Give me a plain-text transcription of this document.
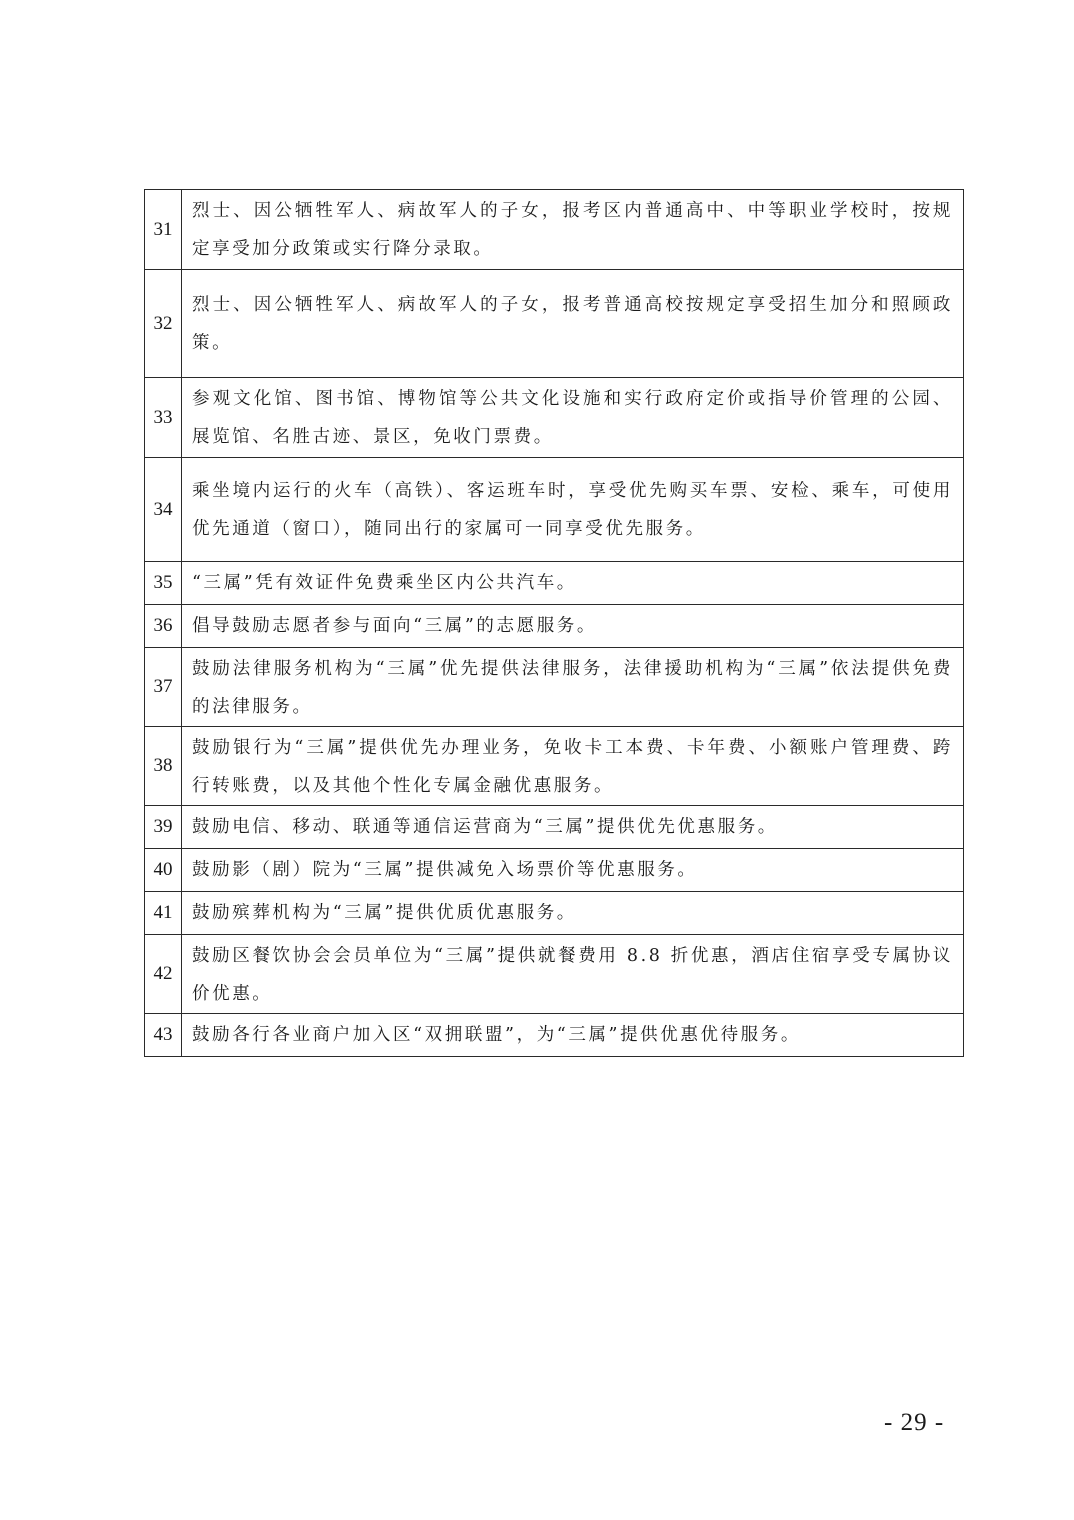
31	烈士、因公牺牲军人、病故军人的子女，报考区内普通高中、中等职业学校时，按规定享受加分政策或实行降分录取。
32	烈士、因公牺牲军人、病故军人的子女，报考普通高校按规定享受招生加分和照顾政策。
33	参观文化馆、图书馆、博物馆等公共文化设施和实行政府定价或指导价管理的公园、展览馆、名胜古迹、景区，免收门票费。
34	乘坐境内运行的火车（高铁）、客运班车时，享受优先购买车票、安检、乘车，可使用优先通道（窗口），随同出行的家属可一同享受优先服务。
35	“三属”凭有效证件免费乘坐区内公共汽车。
36	倡导鼓励志愿者参与面向“三属”的志愿服务。
37	鼓励法律服务机构为“三属”优先提供法律服务，法律援助机构为“三属”依法提供免费的法律服务。
38	鼓励银行为“三属”提供优先办理业务，免收卡工本费、卡年费、小额账户管理费、跨行转账费，以及其他个性化专属金融优惠服务。
39	鼓励电信、移动、联通等通信运营商为“三属”提供优先优惠服务。
40	鼓励影（剧）院为“三属”提供减免入场票价等优惠服务。
41	鼓励殡葬机构为“三属”提供优质优惠服务。
42	鼓励区餐饮协会会员单位为“三属”提供就餐费用 8.8 折优惠，酒店住宿享受专属协议价优惠。
43	鼓励各行各业商户加入区“双拥联盟”，为“三属”提供优惠优待服务。
- 29 -
